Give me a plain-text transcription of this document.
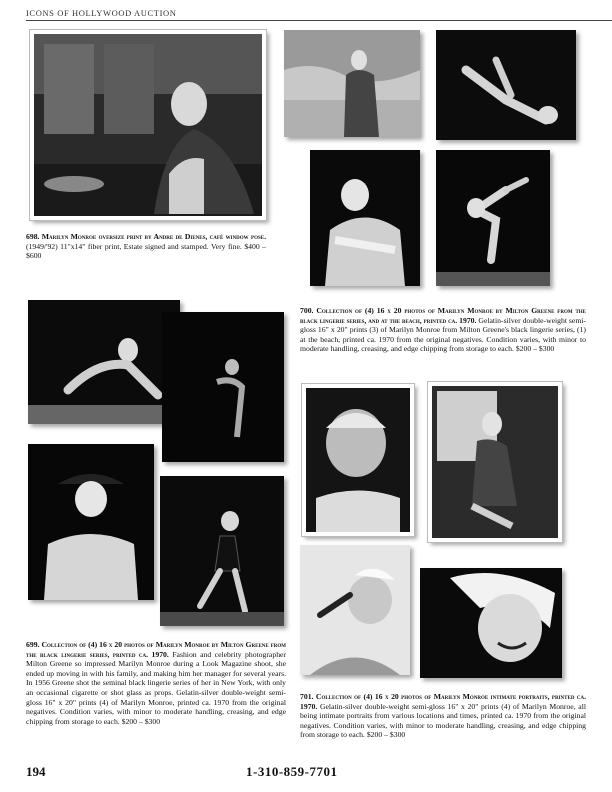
ICONS OF HOLLYWOOD AUCTION
698. Marilyn Monroe oversize print by Andre de Dienes, café window pose. (1949/'92) 11"x14" fiber print, Estate signed and stamped. Very fine. $400 – $600
700. Collection of (4) 16 x 20 photos of Marilyn Monroe by Milton Greene from the black lingerie series, and at the beach, printed ca. 1970. Gelatin-silver double-weight semi-gloss 16" x 20" prints (3) of Marilyn Monroe from Milton Greene's black lingerie series, (1) at the beach, printed ca. 1970 from the original negatives. Condition varies, with minor to moderate handling, creasing, and edge chipping from storage to each. $200 – $300
699. Collection of (4) 16 x 20 photos of Marilyn Monroe by Milton Greene from the black lingerie series, printed ca. 1970. Fashion and celebrity photographer Milton Greene so impressed Marilyn Monroe during a Look Magazine shoot, she ended up moving in with his family, and making him her manager for several years. In 1956 Greene shot the seminal black lingerie series of her in New York, with only an occasional cigarette or shot glass as props. Gelatin-silver double-weight semi-gloss 16" x 20" prints (4) of Marilyn Monroe, printed ca. 1970 from the original negatives. Condition varies, with minor to moderate handling, creasing, and edge chipping from storage to each. $200 – $300
701. Collection of (4) 16 x 20 photos of Marilyn Monroe intimate portraits, printed ca. 1970. Gelatin-silver double-weight semi-gloss 16" x 20" prints (4) of Marilyn Monroe, all being intimate portraits from various locations and times, printed ca. 1970 from the original negatives. Condition varies, with minor to moderate handling, creasing, and edge chipping from storage to each. $200 – $300
194	1-310-859-7701
